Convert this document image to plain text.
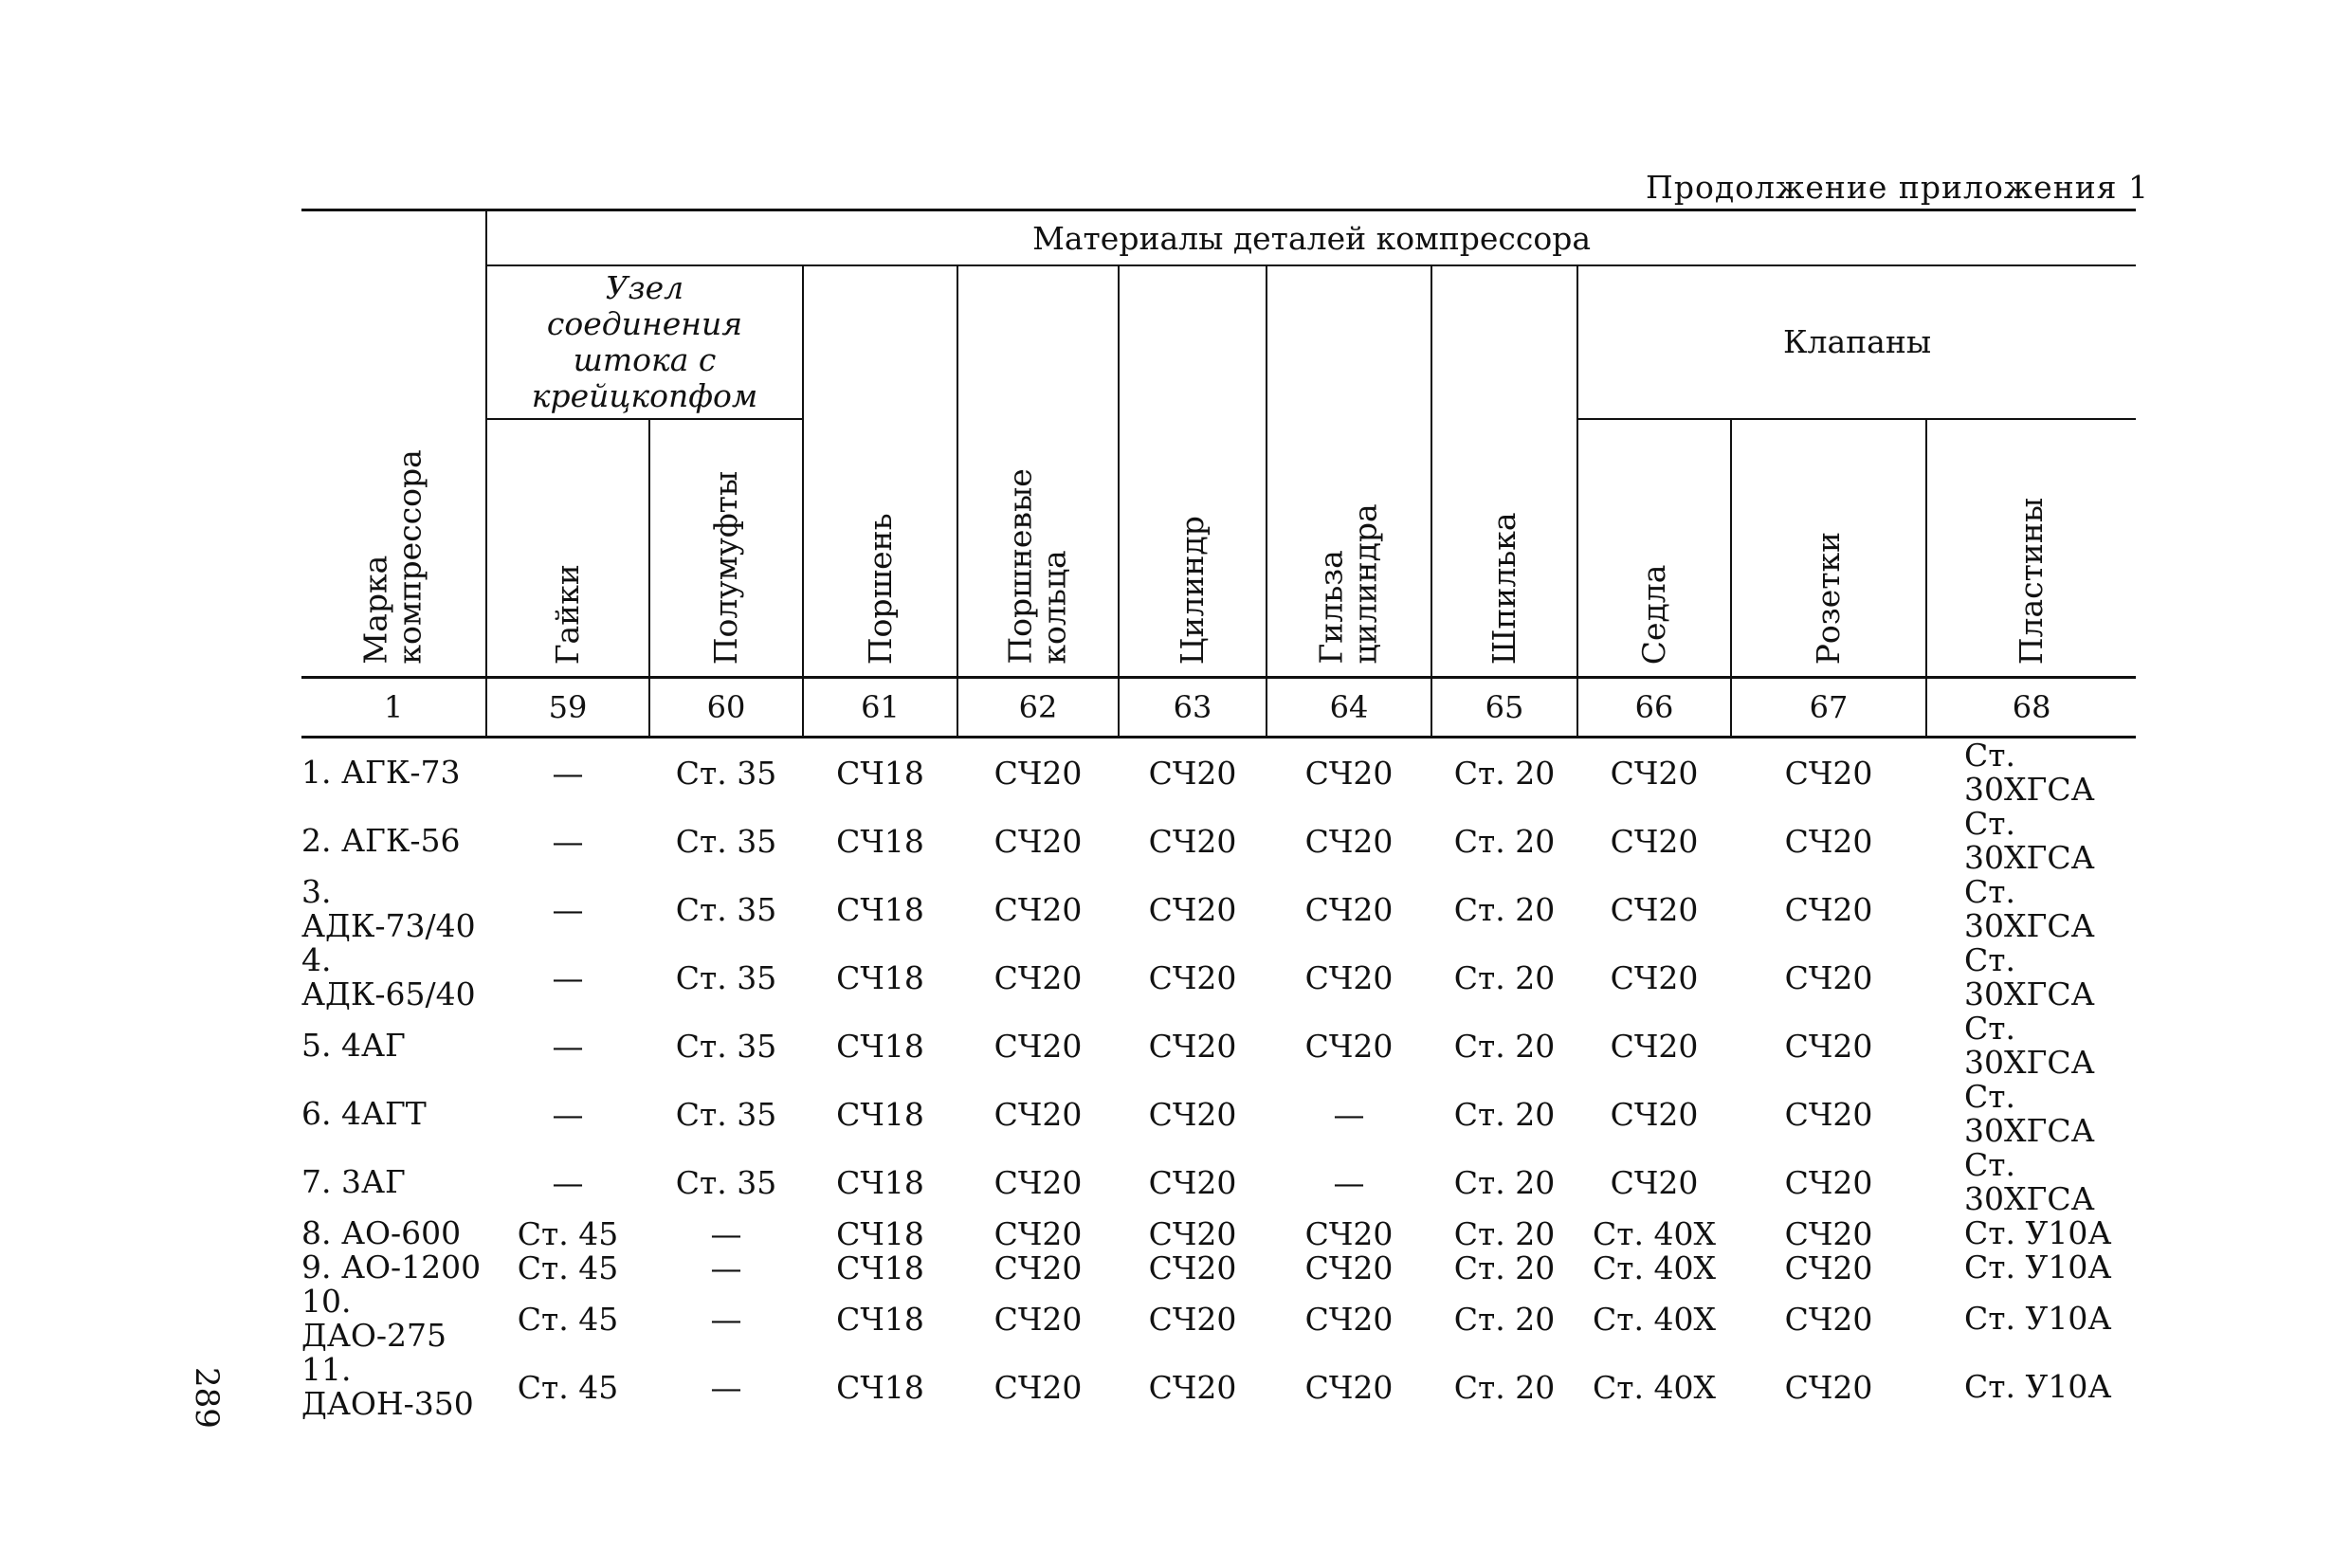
Продолжение приложения 1
289
Марка компрессора	Материалы деталей компрессора									
	Узел соединения штока с крейцкопфом		Поршень	Поршневые кольца	Цилиндр	Гильза цилиндра	Шпилька	Клапаны		

	Гайки	Полумуфты						Седла	Розетки	Пластины

1	59	60	61	62	63	64	65	66	67	68
1. АГК-73	—	Ст. 35	СЧ18	СЧ20	СЧ20	СЧ20	Ст. 20	СЧ20	СЧ20	Ст. 30ХГСА
2. АГК-56	—	Ст. 35	СЧ18	СЧ20	СЧ20	СЧ20	Ст. 20	СЧ20	СЧ20	Ст. 30ХГСА
3. АДК-73/40	—	Ст. 35	СЧ18	СЧ20	СЧ20	СЧ20	Ст. 20	СЧ20	СЧ20	Ст. 30ХГСА
4. АДК-65/40	—	Ст. 35	СЧ18	СЧ20	СЧ20	СЧ20	Ст. 20	СЧ20	СЧ20	Ст. 30ХГСА
5. 4АГ	—	Ст. 35	СЧ18	СЧ20	СЧ20	СЧ20	Ст. 20	СЧ20	СЧ20	Ст. 30ХГСА
6. 4АГТ	—	Ст. 35	СЧ18	СЧ20	СЧ20	—	Ст. 20	СЧ20	СЧ20	Ст. 30ХГСА
7. 3АГ	—	Ст. 35	СЧ18	СЧ20	СЧ20	—	Ст. 20	СЧ20	СЧ20	Ст. 30ХГСА
8. АО-600	Ст. 45	—	СЧ18	СЧ20	СЧ20	СЧ20	Ст. 20	Ст. 40Х	СЧ20	Ст. У10А
9. АО-1200	Ст. 45	—	СЧ18	СЧ20	СЧ20	СЧ20	Ст. 20	Ст. 40Х	СЧ20	Ст. У10А
10. ДАО-275	Ст. 45	—	СЧ18	СЧ20	СЧ20	СЧ20	Ст. 20	Ст. 40Х	СЧ20	Ст. У10А
11. ДАОН-350	Ст. 45	—	СЧ18	СЧ20	СЧ20	СЧ20	Ст. 20	Ст. 40Х	СЧ20	Ст. У10А
